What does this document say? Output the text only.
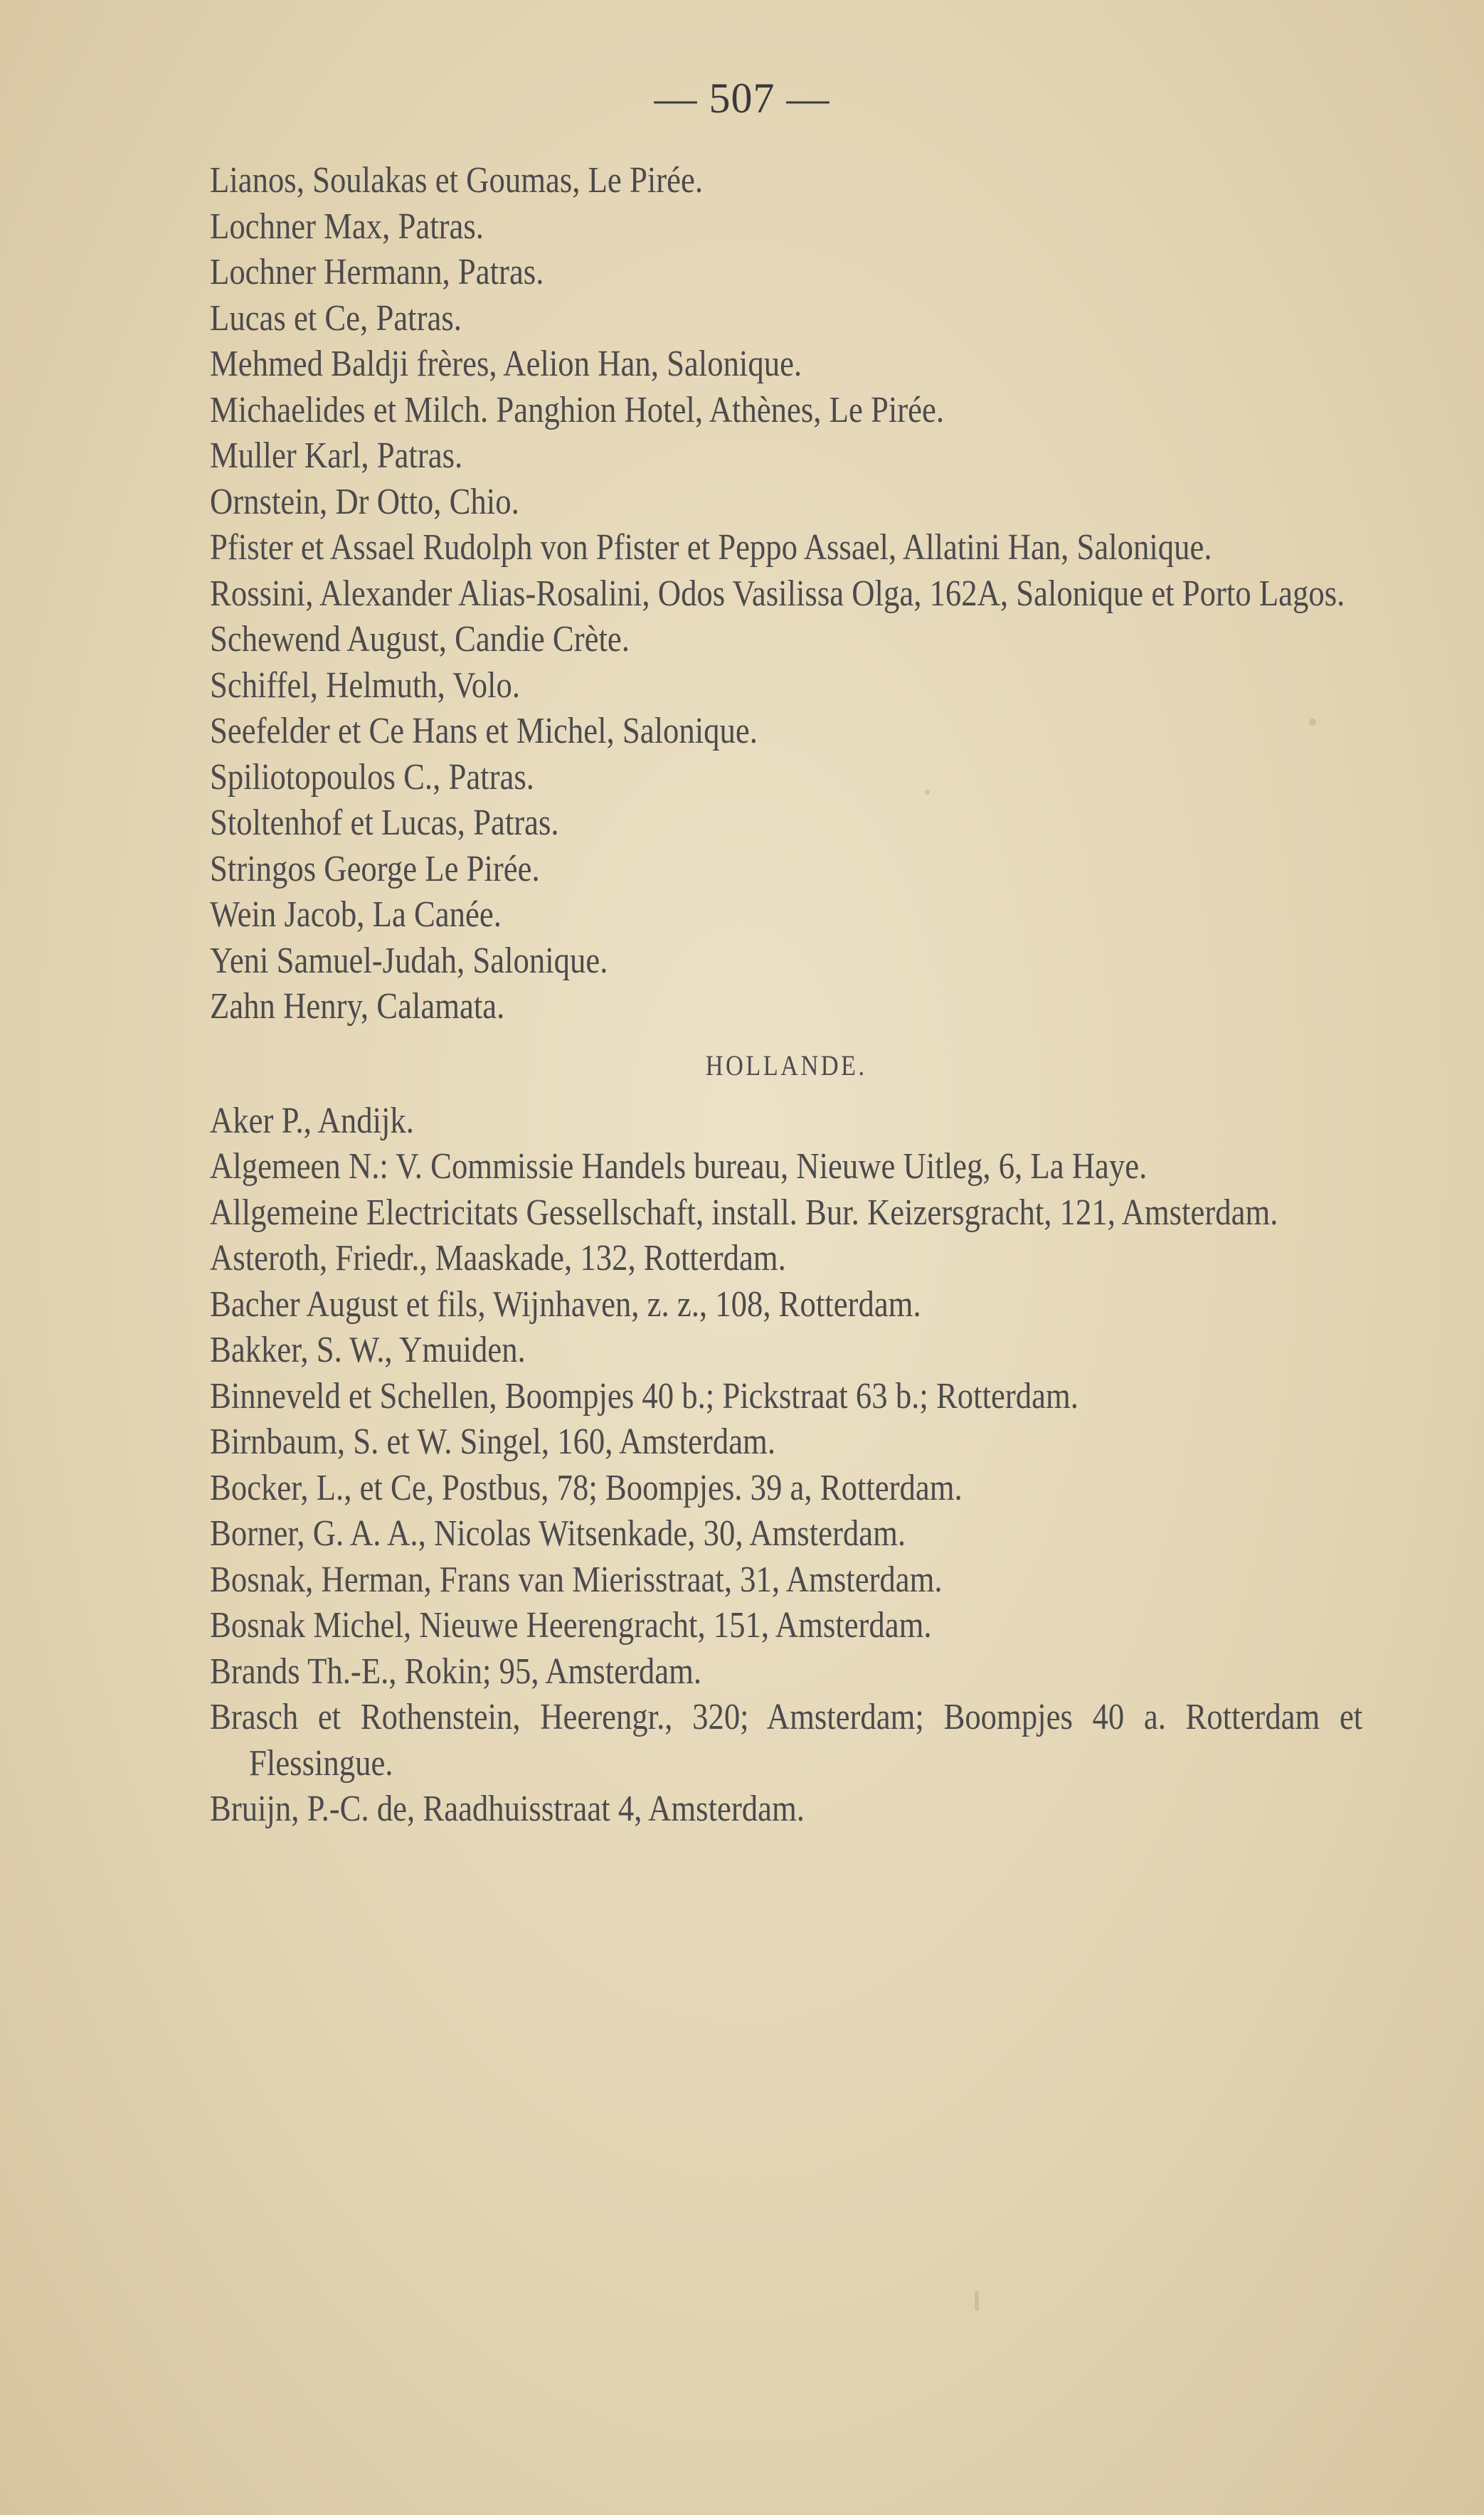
— 507 —

Lianos, Soulakas et Goumas, Le Pirée.

Lochner Max, Patras.

Lochner Hermann, Patras.

Lucas et Ce, Patras.

Mehmed Baldji frères, Aelion Han, Salonique.

Michaelides et Milch. Panghion Hotel, Athènes, Le Pirée.

Muller Karl, Patras.

Ornstein, Dr Otto, Chio.

Pfister et Assael Rudolph von Pfister et Peppo Assael, Allatini Han, Salonique.

Rossini, Alexander Alias-Rosalini, Odos Vasilissa Olga, 162A, Salonique et Porto Lagos.

Schewend August, Candie Crète.

Schiffel, Helmuth, Volo.

Seefelder et Ce Hans et Michel, Salonique.

Spiliotopoulos C., Patras.

Stoltenhof et Lucas, Patras.

Stringos George Le Pirée.

Wein Jacob, La Canée.

Yeni Samuel-Judah, Salonique.

Zahn Henry, Calamata.

HOLLANDE.

Aker P., Andijk.

Algemeen N.: V. Commissie Handels bureau, Nieuwe Uitleg, 6, La Haye.

Allgemeine Electricitats Gessellschaft, install. Bur. Keizersgracht, 121, Amsterdam.

Asteroth, Friedr., Maaskade, 132, Rotterdam.

Bacher August et fils, Wijnhaven, z. z., 108, Rotterdam.

Bakker, S. W., Ymuiden.

Binneveld et Schellen, Boompjes 40 b.; Pickstraat 63 b.; Rotterdam.

Birnbaum, S. et W. Singel, 160, Amsterdam.

Bocker, L., et Ce, Postbus, 78; Boompjes. 39 a, Rotterdam.

Borner, G. A. A., Nicolas Witsenkade, 30, Amsterdam.

Bosnak, Herman, Frans van Mierisstraat, 31, Amsterdam.

Bosnak Michel, Nieuwe Heerengracht, 151, Amsterdam.

Brands Th.-E., Rokin; 95, Amsterdam.

Brasch et Rothenstein, Heerengr., 320; Amsterdam; Boompjes 40 a. Rotterdam et Flessingue.

Bruijn, P.-C. de, Raadhuisstraat 4, Amsterdam.
